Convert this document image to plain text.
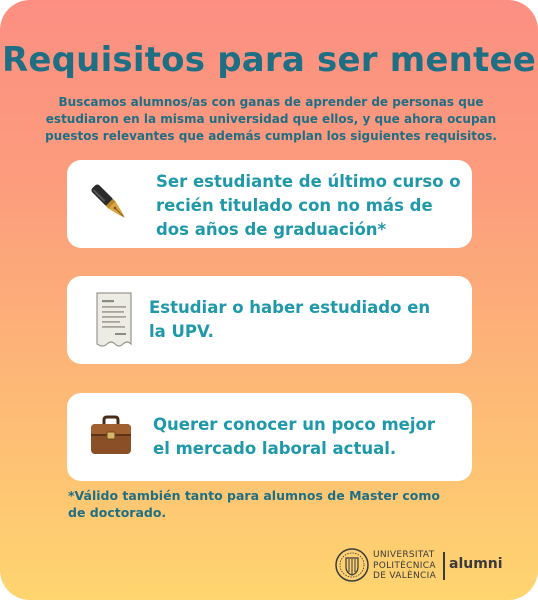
Requisitos para ser mentee
Buscamos alumnos/as con ganas de aprender de personas que estudiaron en la misma universidad que ellos, y que ahora ocupan puestos relevantes que además cumplan los siguientes requisitos.
Ser estudiante de último curso o
recién titulado con no más de
dos años de graduación*
Estudiar o haber estudiado en
la UPV.
Querer conocer un poco mejor
el mercado laboral actual.
*Válido también tanto para alumnos de Master como
de doctorado.
UNIVERSITAT
POLITÈCNICA
DE VALÈNCIA
alumni
